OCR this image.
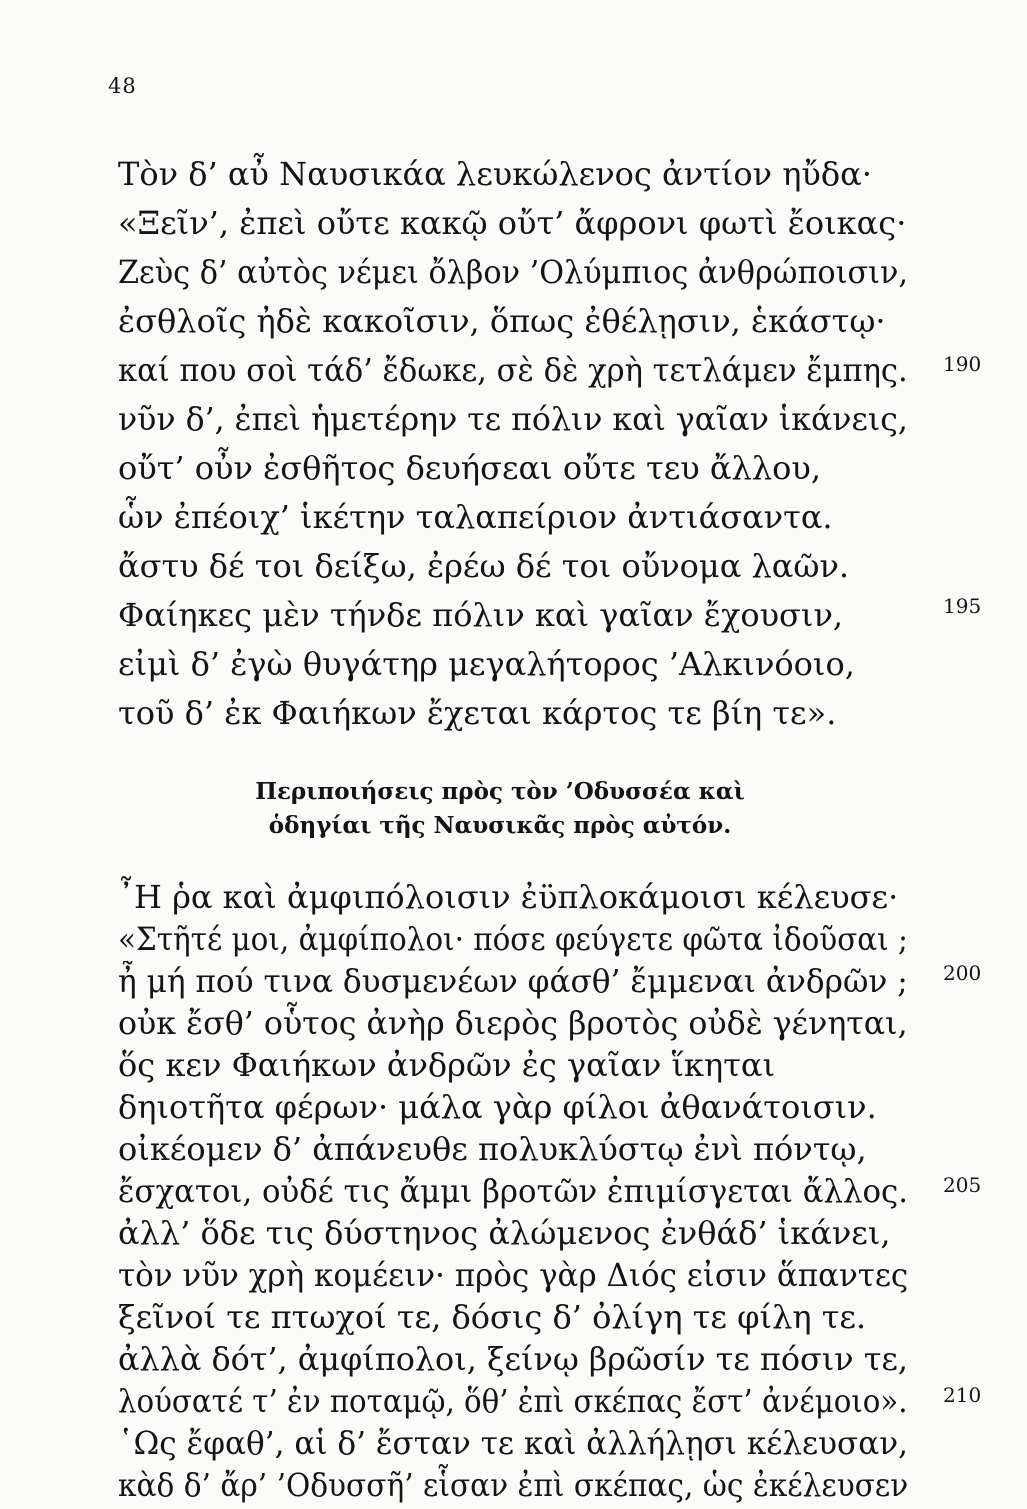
48
Τὸν δ’ αὖ Ναυσικάα λευκώλενος ἀντίον ηὔδα·
«Ξεῖν’, ἐπεὶ οὔτε κακῷ οὔτ’ ἄφρονι φωτὶ ἔοικας·
Ζεὺς δ’ αὐτὸς νέμει ὄλβον ’Ολύμπιος ἀνθρώποισιν,
ἐσθλοῖς ἠδὲ κακοῖσιν, ὅπως ἐθέλῃσιν, ἑκάστῳ·
καί που σοὶ τάδ’ ἔδωκε, σὲ δὲ χρὴ τετλάμεν ἔμπης.	190
νῦν δ’, ἐπεὶ ἡμετέρην τε πόλιν καὶ γαῖαν ἱκάνεις,
οὔτ’ οὖν ἐσθῆτος δευήσεαι οὔτε τευ ἄλλου,
ὧν ἐπέοιχ’ ἱκέτην ταλαπείριον ἀντιάσαντα.
ἄστυ δέ τοι δείξω, ἐρέω δέ τοι οὔνομα λαῶν.
Φαίηκες μὲν τήνδε πόλιν καὶ γαῖαν ἔχουσιν,	195
εἰμὶ δ’ ἐγὼ θυγάτηρ μεγαλήτορος ’Αλκινόοιο,
τοῦ δ’ ἐκ Φαιήκων ἔχεται κάρτος τε βίη τε».
Περιποιήσεις πρὸς τὸν ’Οδυσσέα καὶ
ὁδηγίαι τῆς Ναυσικᾶς πρὸς αὐτόν.
῏Η ῥα καὶ ἀμφιπόλοισιν ἐϋπλοκάμοισι κέλευσε·
«Στῆτέ μοι, ἀμφίπολοι· πόσε φεύγετε φῶτα ἰδοῦσαι ;
ἦ μή πού τινα δυσμενέων φάσθ’ ἔμμεναι ἀνδρῶν ;	200
οὐκ ἔσθ’ οὗτος ἀνὴρ διερὸς βροτὸς οὐδὲ γένηται,
ὅς κεν Φαιήκων ἀνδρῶν ἐς γαῖαν ἵκηται
δηιοτῆτα φέρων· μάλα γὰρ φίλοι ἀθανάτοισιν.
οἰκέομεν δ’ ἀπάνευθε πολυκλύστῳ ἐνὶ πόντῳ,
ἔσχατοι, οὐδέ τις ἄμμι βροτῶν ἐπιμίσγεται ἄλλος.	205
ἀλλ’ ὅδε τις δύστηνος ἀλώμενος ἐνθάδ’ ἱκάνει,
τὸν νῦν χρὴ κομέειν· πρὸς γὰρ Διός εἰσιν ἅπαντες
ξεῖνοί τε πτωχοί τε, δόσις δ’ ὀλίγη τε φίλη τε.
ἀλλὰ δότ’, ἀμφίπολοι, ξείνῳ βρῶσίν τε πόσιν τε,
λούσατέ τ’ ἐν ποταμῷ, ὅθ’ ἐπὶ σκέπας ἔστ’ ἀνέμοιο».	210
῾Ως ἔφαθ’, αἱ δ’ ἔσταν τε καὶ ἀλλήλῃσι κέλευσαν,
κὰδ δ’ ἄρ’ ’Οδυσσῆ’ εἷσαν ἐπὶ σκέπας, ὡς ἐκέλευσεν
